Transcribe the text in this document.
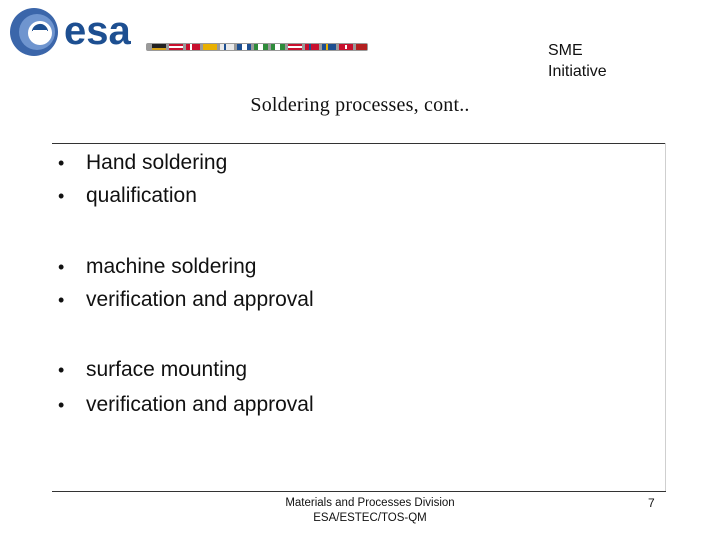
esa	SME
Initiative
Soldering processes, cont..
•	Hand soldering
•	qualification
•	machine soldering
•	verification and approval
•	surface mounting
•	verification and approval
Materials and Processes Division
ESA/ESTEC/TOS-QM
7
